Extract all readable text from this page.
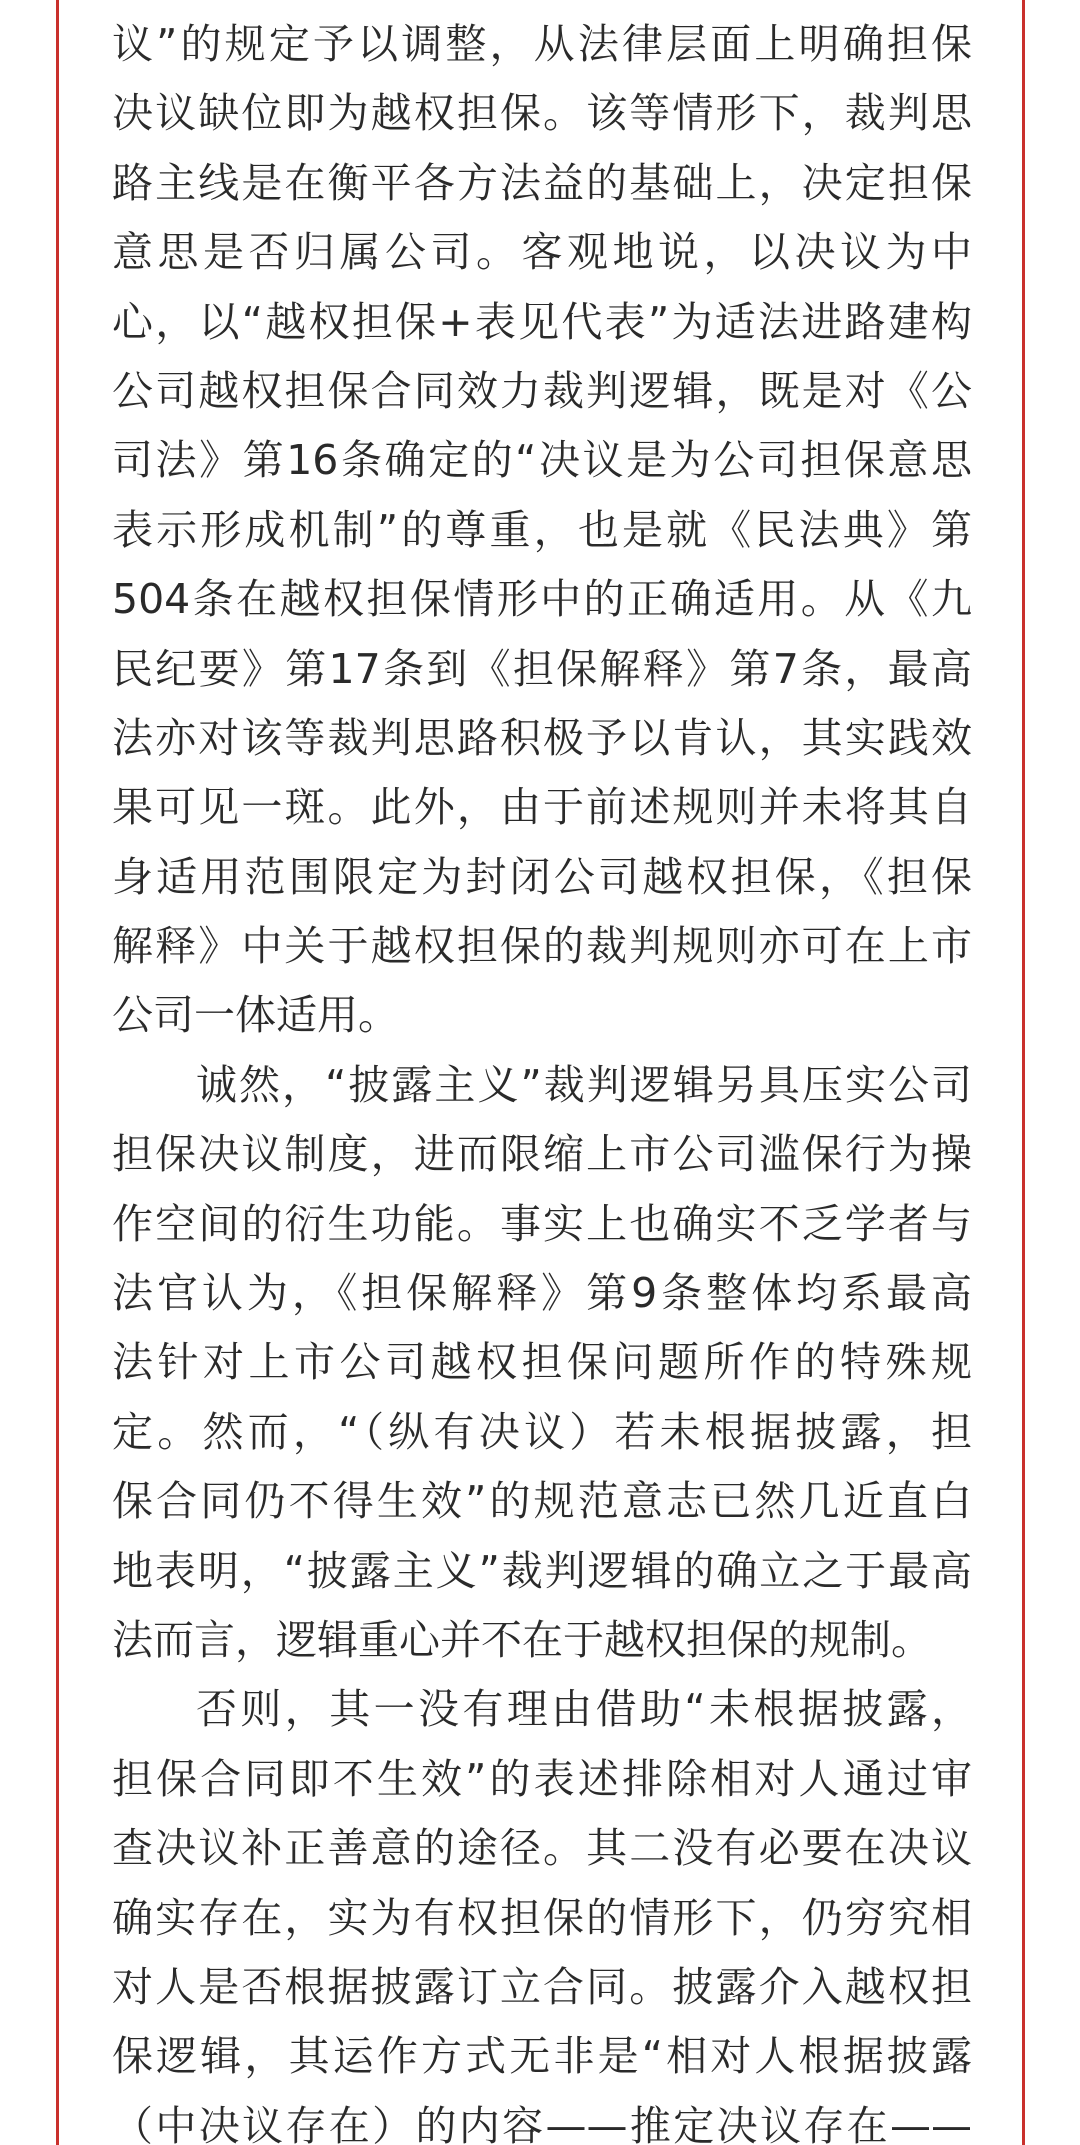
议”的规定予以调整，从法律层面上明确担保
决议缺位即为越权担保。该等情形下，裁判思
路主线是在衡平各方法益的基础上，决定担保
意思是否归属公司。客观地说，以决议为中
心，以“越权担保+表见代表”为适法进路建构
公司越权担保合同效力裁判逻辑，既是对《公
司法》第16条确定的“决议是为公司担保意思
表示形成机制”的尊重，也是就《民法典》第
504条在越权担保情形中的正确适用。从《九
民纪要》第17条到《担保解释》第7条，最高
法亦对该等裁判思路积极予以肯认，其实践效
果可见一斑。此外，由于前述规则并未将其自
身适用范围限定为封闭公司越权担保，《担保
解释》中关于越权担保的裁判规则亦可在上市
公司一体适用。
诚然，“披露主义”裁判逻辑另具压实公司
担保决议制度，进而限缩上市公司滥保行为操
作空间的衍生功能。事实上也确实不乏学者与
法官认为，《担保解释》第9条整体均系最高
法针对上市公司越权担保问题所作的特殊规
定。然而，“（纵有决议）若未根据披露，担
保合同仍不得生效”的规范意志已然几近直白
地表明，“披露主义”裁判逻辑的确立之于最高
法而言，逻辑重心并不在于越权担保的规制。
否则，其一没有理由借助“未根据披露，
担保合同即不生效”的表述排除相对人通过审
查决议补正善意的途径。其二没有必要在决议
确实存在，实为有权担保的情形下，仍穷究相
对人是否根据披露订立合同。披露介入越权担
保逻辑，其运作方式无非是“相对人根据披露
（中决议存在）的内容——推定决议存在——
